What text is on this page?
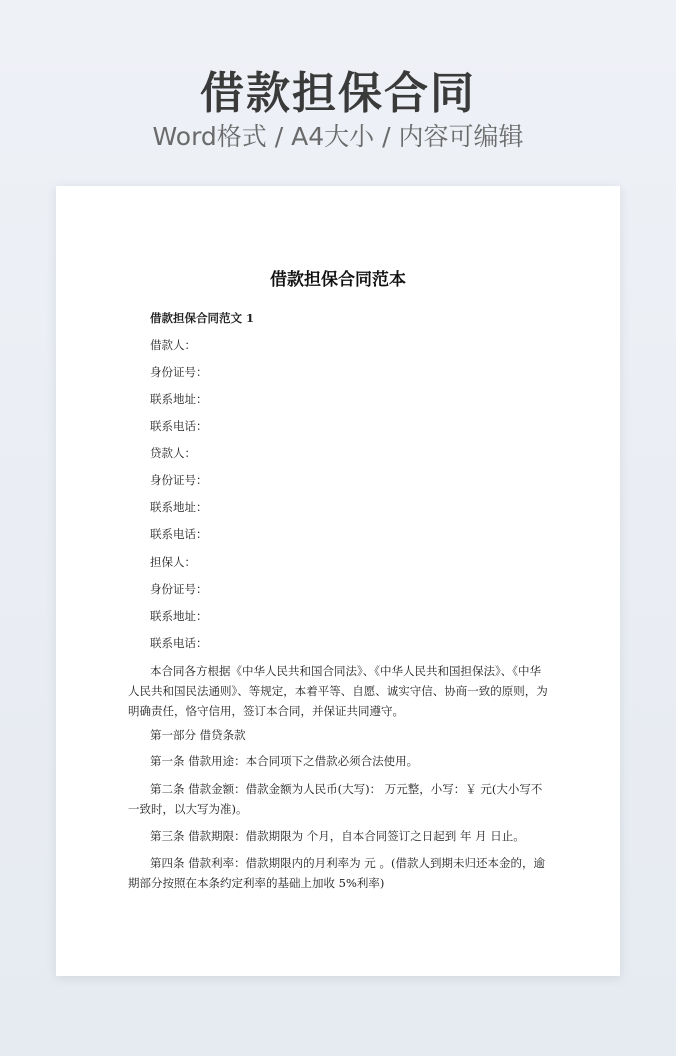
借款担保合同
Word格式 / A4大小 / 内容可编辑
借款担保合同范本
借款担保合同范文 1
借款人：
身份证号：
联系地址：
联系电话：
贷款人：
身份证号：
联系地址：
联系电话：
担保人：
身份证号：
联系地址：
联系电话：
本合同各方根据《中华人民共和国合同法》、《中华人民共和国担保法》、《中华人民共和国民法通则》、等规定，本着平等、自愿、诚实守信、协商一致的原则，为明确责任，恪守信用，签订本合同，并保证共同遵守。
第一部分 借贷条款
第一条 借款用途：本合同项下之借款必须合法使用。
第二条 借款金额：借款金额为人民币(大写)： 万元整，小写：￥ 元(大小写不一致时，以大写为准)。
第三条 借款期限：借款期限为 个月，自本合同签订之日起到 年 月 日止。
第四条 借款利率：借款期限内的月利率为 元 。(借款人到期未归还本金的，逾期部分按照在本条约定利率的基础上加收 5%利率)
